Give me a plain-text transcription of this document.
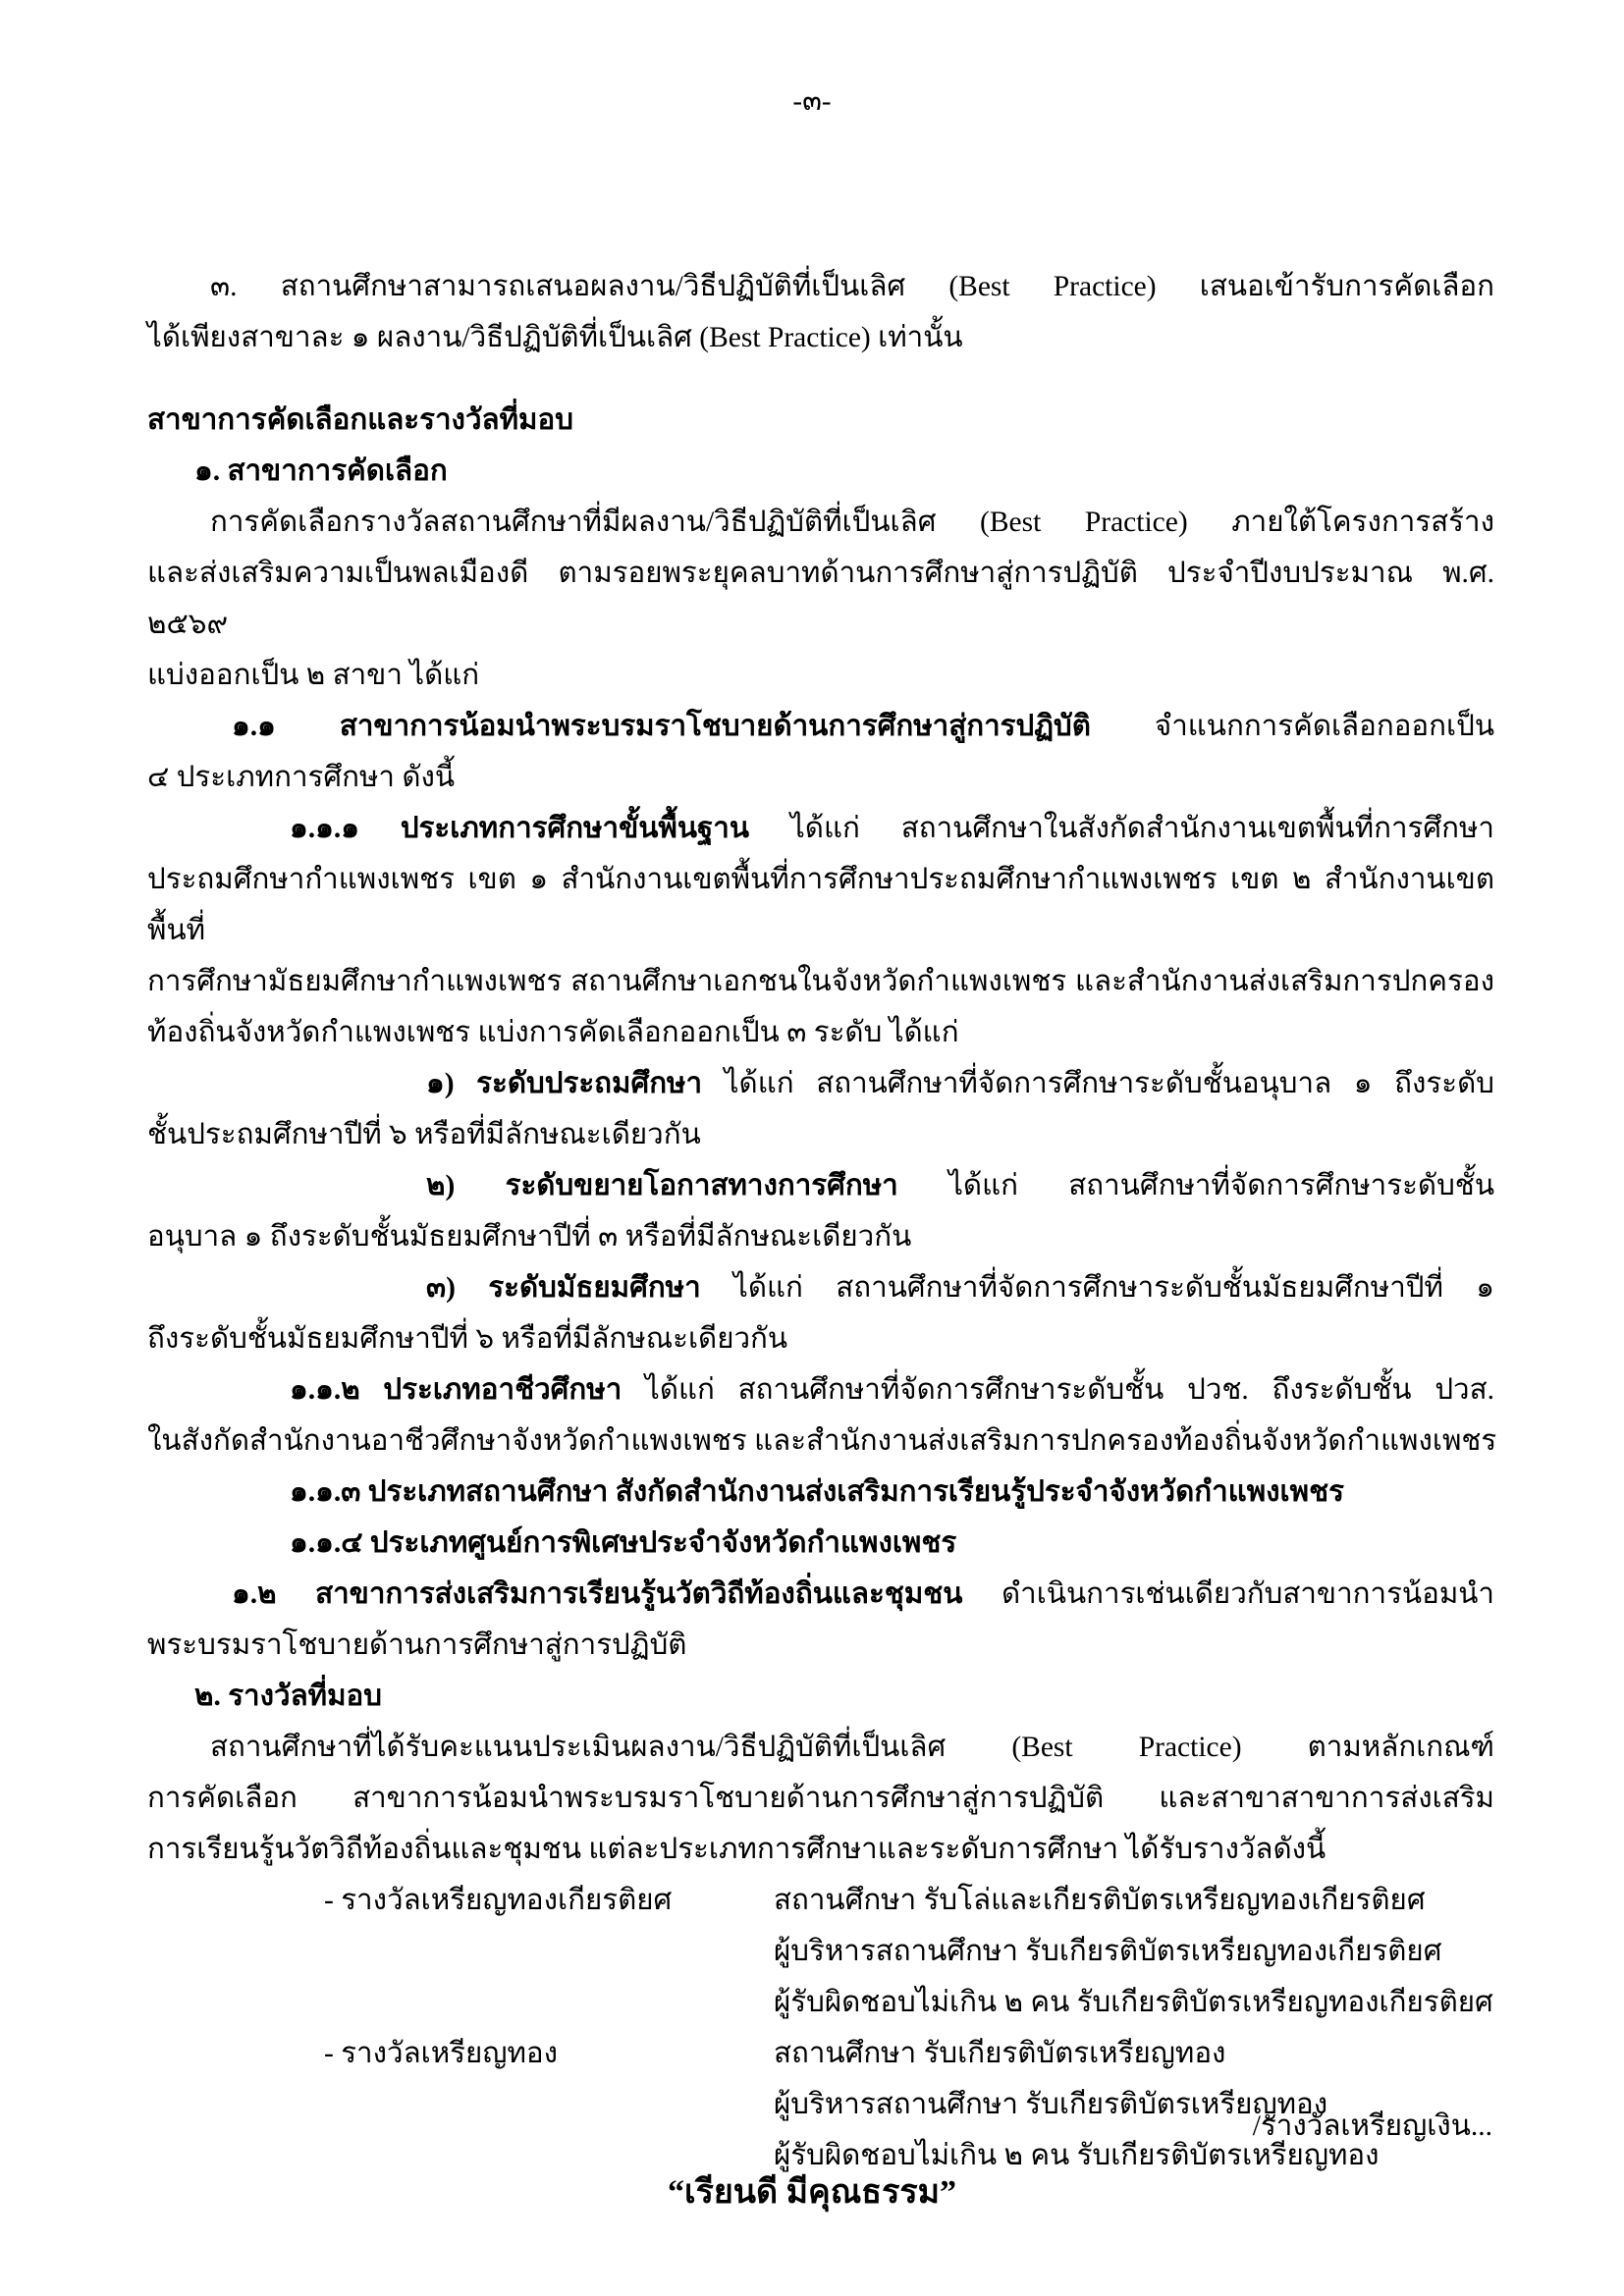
-๓-
๓. สถานศึกษาสามารถเสนอผลงาน/วิธีปฏิบัติที่เป็นเลิศ (Best Practice) เสนอเข้ารับการคัดเลือก
ได้เพียงสาขาละ ๑ ผลงาน/วิธีปฏิบัติที่เป็นเลิศ (Best Practice) เท่านั้น
สาขาการคัดเลือกและรางวัลที่มอบ
๑. สาขาการคัดเลือก
การคัดเลือกรางวัลสถานศึกษาที่มีผลงาน/วิธีปฏิบัติที่เป็นเลิศ (Best Practice) ภายใต้โครงการสร้าง
และส่งเสริมความเป็นพลเมืองดี ตามรอยพระยุคลบาทด้านการศึกษาสู่การปฏิบัติ ประจำปีงบประมาณ พ.ศ. ๒๕๖๙
แบ่งออกเป็น ๒ สาขา ได้แก่
๑.๑ สาขาการน้อมนำพระบรมราโชบายด้านการศึกษาสู่การปฏิบัติ จำแนกการคัดเลือกออกเป็น
๔ ประเภทการศึกษา ดังนี้
๑.๑.๑ ประเภทการศึกษาขั้นพื้นฐาน ได้แก่ สถานศึกษาในสังกัดสำนักงานเขตพื้นที่การศึกษา
ประถมศึกษากำแพงเพชร เขต ๑ สำนักงานเขตพื้นที่การศึกษาประถมศึกษากำแพงเพชร เขต ๒ สำนักงานเขตพื้นที่
การศึกษามัธยมศึกษากำแพงเพชร สถานศึกษาเอกชนในจังหวัดกำแพงเพชร และสำนักงานส่งเสริมการปกครอง
ท้องถิ่นจังหวัดกำแพงเพชร แบ่งการคัดเลือกออกเป็น ๓ ระดับ ได้แก่
๑) ระดับประถมศึกษา ได้แก่ สถานศึกษาที่จัดการศึกษาระดับชั้นอนุบาล ๑ ถึงระดับ
ชั้นประถมศึกษาปีที่ ๖ หรือที่มีลักษณะเดียวกัน
๒) ระดับขยายโอกาสทางการศึกษา ได้แก่ สถานศึกษาที่จัดการศึกษาระดับชั้น
อนุบาล ๑ ถึงระดับชั้นมัธยมศึกษาปีที่ ๓ หรือที่มีลักษณะเดียวกัน
๓) ระดับมัธยมศึกษา ได้แก่ สถานศึกษาที่จัดการศึกษาระดับชั้นมัธยมศึกษาปีที่ ๑
ถึงระดับชั้นมัธยมศึกษาปีที่ ๖ หรือที่มีลักษณะเดียวกัน
๑.๑.๒ ประเภทอาชีวศึกษา ได้แก่ สถานศึกษาที่จัดการศึกษาระดับชั้น ปวช. ถึงระดับชั้น ปวส.
ในสังกัดสำนักงานอาชีวศึกษาจังหวัดกำแพงเพชร และสำนักงานส่งเสริมการปกครองท้องถิ่นจังหวัดกำแพงเพชร
๑.๑.๓ ประเภทสถานศึกษา สังกัดสำนักงานส่งเสริมการเรียนรู้ประจำจังหวัดกำแพงเพชร
๑.๑.๔ ประเภทศูนย์การพิเศษประจำจังหวัดกำแพงเพชร
๑.๒ สาขาการส่งเสริมการเรียนรู้นวัตวิถีท้องถิ่นและชุมชน ดำเนินการเช่นเดียวกับสาขาการน้อมนำ
พระบรมราโชบายด้านการศึกษาสู่การปฏิบัติ
๒. รางวัลที่มอบ
สถานศึกษาที่ได้รับคะแนนประเมินผลงาน/วิธีปฏิบัติที่เป็นเลิศ (Best Practice) ตามหลักเกณฑ์
การคัดเลือก สาขาการน้อมนำพระบรมราโชบายด้านการศึกษาสู่การปฏิบัติ และสาขาสาขาการส่งเสริม
การเรียนรู้นวัตวิถีท้องถิ่นและชุมชน แต่ละประเภทการศึกษาและระดับการศึกษา ได้รับรางวัลดังนี้
- รางวัลเหรียญทองเกียรติยศ	สถานศึกษา รับโล่และเกียรติบัตรเหรียญทองเกียรติยศ
ผู้บริหารสถานศึกษา รับเกียรติบัตรเหรียญทองเกียรติยศ
ผู้รับผิดชอบไม่เกิน ๒ คน รับเกียรติบัตรเหรียญทองเกียรติยศ
- รางวัลเหรียญทอง	สถานศึกษา รับเกียรติบัตรเหรียญทอง
ผู้บริหารสถานศึกษา รับเกียรติบัตรเหรียญทอง
ผู้รับผิดชอบไม่เกิน ๒ คน รับเกียรติบัตรเหรียญทอง
/รางวัลเหรียญเงิน...
“เรียนดี มีคุณธรรม”
